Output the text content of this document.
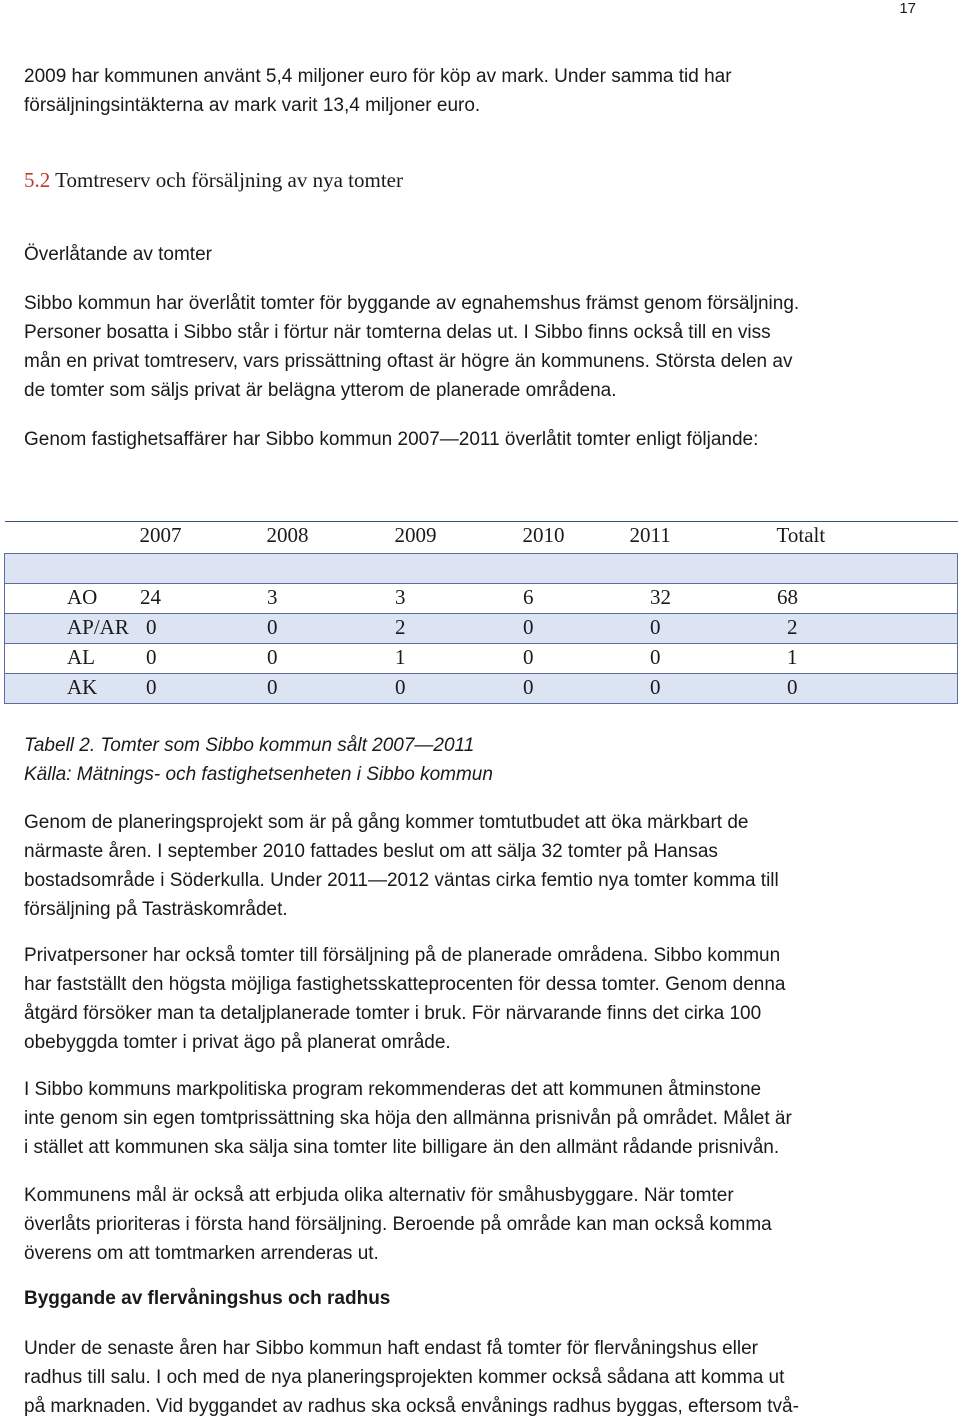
17
2009 har kommunen använt 5,4 miljoner euro för köp av mark. Under samma tid har
försäljningsintäkterna av mark varit 13,4 miljoner euro.
5.2 Tomtreserv och försäljning av nya tomter
Överlåtande av tomter
Sibbo kommun har överlåtit tomter för byggande av egnahemshus främst genom försäljning.
Personer bosatta i Sibbo står i förtur när tomterna delas ut. I Sibbo finns också till en viss
mån en privat tomtreserv, vars prissättning oftast är högre än kommunens. Största delen av
de tomter som säljs privat är belägna ytterom de planerade områdena.
Genom fastighetsaffärer har Sibbo kommun 2007—2011 överlåtit tomter enligt följande:
2007	2008	2009	2010	2011	Totalt

AO 24	3	3	6	32	68

AP/AR 0	0	2	0	0	2

AL 0	0	1	0	0	1

AK 0	0	0	0	0	0
Tabell 2. Tomter som Sibbo kommun sålt 2007—2011
Källa: Mätnings- och fastighetsenheten i Sibbo kommun
Genom de planeringsprojekt som är på gång kommer tomtutbudet att öka märkbart de
närmaste åren. I september 2010 fattades beslut om att sälja 32 tomter på Hansas
bostadsområde i Söderkulla. Under 2011—2012 väntas cirka femtio nya tomter komma till
försäljning på Tasträskområdet.
Privatpersoner har också tomter till försäljning på de planerade områdena. Sibbo kommun
har fastställt den högsta möjliga fastighetsskatteprocenten för dessa tomter. Genom denna
åtgärd försöker man ta detaljplanerade tomter i bruk. För närvarande finns det cirka 100
obebyggda tomter i privat ägo på planerat område.
I Sibbo kommuns markpolitiska program rekommenderas det att kommunen åtminstone
inte genom sin egen tomtprissättning ska höja den allmänna prisnivån på området. Målet är
i stället att kommunen ska sälja sina tomter lite billigare än den allmänt rådande prisnivån.
Kommunens mål är också att erbjuda olika alternativ för småhusbyggare. När tomter
överlåts prioriteras i första hand försäljning. Beroende på område kan man också komma
överens om att tomtmarken arrenderas ut.
Byggande av flervåningshus och radhus
Under de senaste åren har Sibbo kommun haft endast få tomter för flervåningshus eller
radhus till salu. I och med de nya planeringsprojekten kommer också sådana att komma ut
på marknaden. Vid byggandet av radhus ska också envånings radhus byggas, eftersom två-
